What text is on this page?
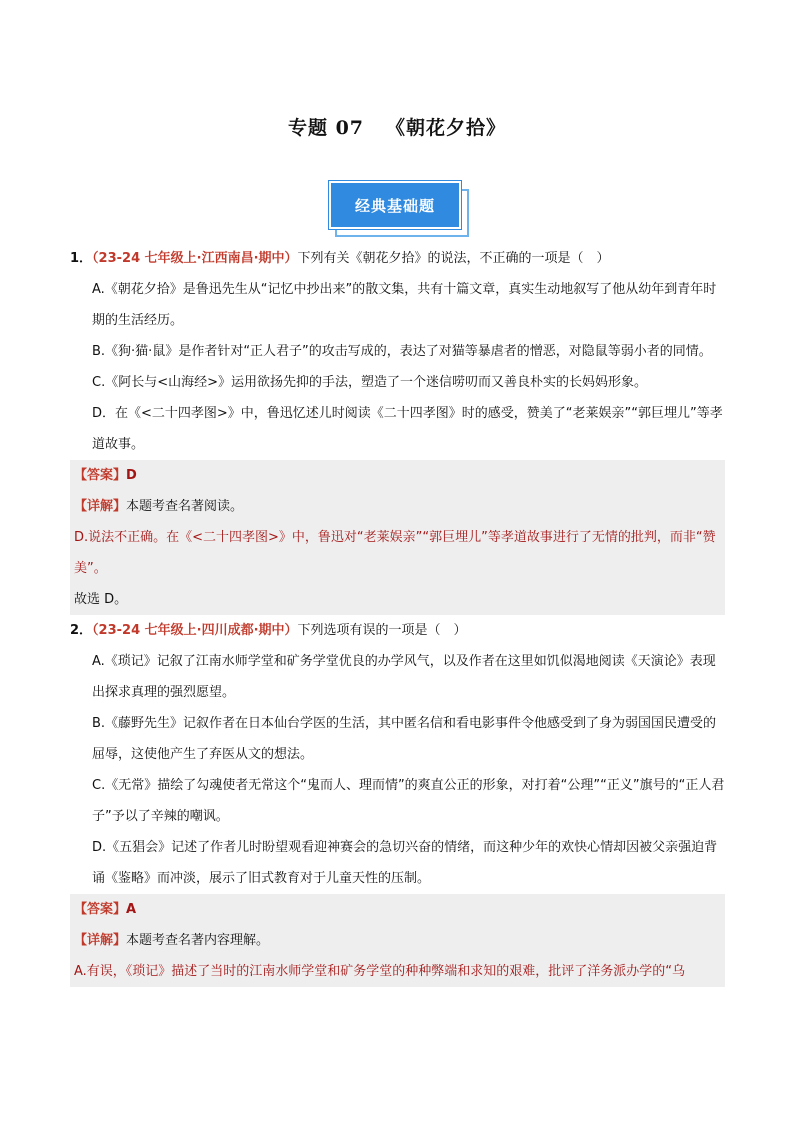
专题 07 《朝花夕拾》
经典基础题

1．（23-24 七年级上·江西南昌·期中）下列有关《朝花夕拾》的说法，不正确的一项是（　）

A.《朝花夕拾》是鲁迅先生从“记忆中抄出来”的散文集，共有十篇文章，真实生动地叙写了他从幼年到青年时期的生活经历。

B.《狗·猫·鼠》是作者针对“正人君子”的攻击写成的，表达了对猫等暴虐者的憎恶，对隐鼠等弱小者的同情。

C.《阿长与<山海经>》运用欲扬先抑的手法，塑造了一个迷信唠叨而又善良朴实的长妈妈形象。

D．在《<二十四孝图>》中，鲁迅忆述儿时阅读《二十四孝图》时的感受，赞美了“老莱娱亲”“郭巨埋儿”等孝道故事。

【答案】D

【详解】本题考查名著阅读。

D.说法不正确。在《<二十四孝图>》中，鲁迅对“老莱娱亲”“郭巨埋儿”等孝道故事进行了无情的批判，而非“赞美”。

故选 D。

2．（23-24 七年级上·四川成都·期中）下列选项有误的一项是（　）

A.《琐记》记叙了江南水师学堂和矿务学堂优良的办学风气，以及作者在这里如饥似渴地阅读《天演论》表现出探求真理的强烈愿望。

B.《藤野先生》记叙作者在日本仙台学医的生活，其中匿名信和看电影事件令他感受到了身为弱国国民遭受的屈辱，这使他产生了弃医从文的想法。

C.《无常》描绘了勾魂使者无常这个“鬼而人、理而情”的爽直公正的形象，对打着“公理”“正义”旗号的“正人君子”予以了辛辣的嘲讽。

D.《五猖会》记述了作者儿时盼望观看迎神赛会的急切兴奋的情绪，而这种少年的欢快心情却因被父亲强迫背诵《鉴略》而冲淡，展示了旧式教育对于儿童天性的压制。

【答案】A

【详解】本题考查名著内容理解。

A.有误，《琐记》描述了当时的江南水师学堂和矿务学堂的种种弊端和求知的艰难，批评了洋务派办学的“乌
